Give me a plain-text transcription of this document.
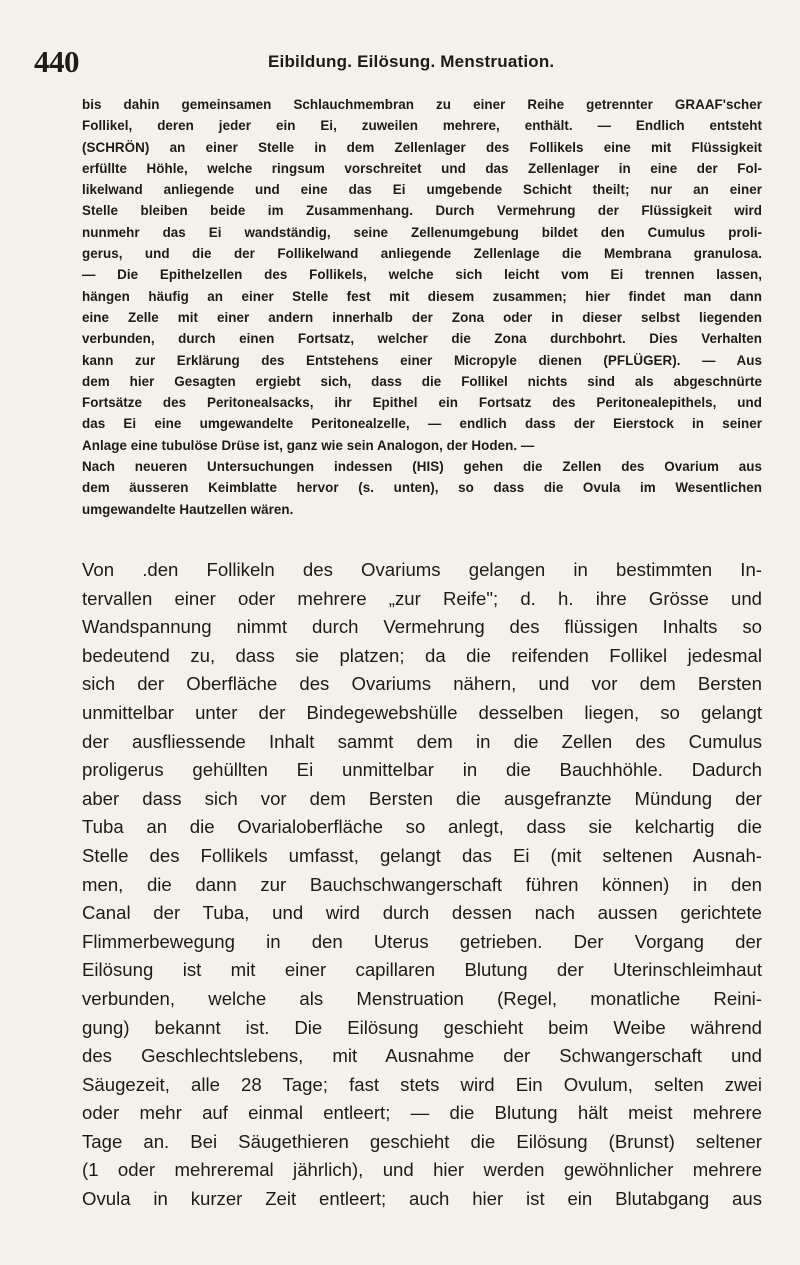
440	Eibildung. Eilösung. Menstruation.
bis dahin gemeinsamen Schlauchmembran zu einer Reihe getrennter GRAAF'scher
Follikel, deren jeder ein Ei, zuweilen mehrere, enthält. — Endlich entsteht
(SCHRÖN) an einer Stelle in dem Zellenlager des Follikels eine mit Flüssigkeit
erfüllte Höhle, welche ringsum vorschreitet und das Zellenlager in eine der Fol-
likelwand anliegende und eine das Ei umgebende Schicht theilt; nur an einer
Stelle bleiben beide im Zusammenhang. Durch Vermehrung der Flüssigkeit wird
nunmehr das Ei wandständig, seine Zellenumgebung bildet den Cumulus proli-
gerus, und die der Follikelwand anliegende Zellenlage die Membrana granulosa.
— Die Epithelzellen des Follikels, welche sich leicht vom Ei trennen lassen,
hängen häufig an einer Stelle fest mit diesem zusammen; hier findet man dann
eine Zelle mit einer andern innerhalb der Zona oder in dieser selbst liegenden
verbunden, durch einen Fortsatz, welcher die Zona durchbohrt. Dies Verhalten
kann zur Erklärung des Entstehens einer Micropyle dienen (PFLÜGER). — Aus
dem hier Gesagten ergiebt sich, dass die Follikel nichts sind als abgeschnürte
Fortsätze des Peritonealsacks, ihr Epithel ein Fortsatz des Peritonealepithels, und
das Ei eine umgewandelte Peritonealzelle, — endlich dass der Eierstock in seiner
Anlage eine tubulöse Drüse ist, ganz wie sein Analogon, der Hoden. —
Nach neueren Untersuchungen indessen (HIS) gehen die Zellen des Ovarium aus
dem äusseren Keimblatte hervor (s. unten), so dass die Ovula im Wesentlichen
umgewandelte Hautzellen wären.
Von .den Follikeln des Ovariums gelangen in bestimmten In-
tervallen einer oder mehrere „zur Reife"; d. h. ihre Grösse und
Wandspannung nimmt durch Vermehrung des flüssigen Inhalts so
bedeutend zu, dass sie platzen; da die reifenden Follikel jedesmal
sich der Oberfläche des Ovariums nähern, und vor dem Bersten
unmittelbar unter der Bindegewebshülle desselben liegen, so gelangt
der ausfliessende Inhalt sammt dem in die Zellen des Cumulus
proligerus gehüllten Ei unmittelbar in die Bauchhöhle. Dadurch
aber dass sich vor dem Bersten die ausgefranzte Mündung der
Tuba an die Ovarialoberfläche so anlegt, dass sie kelchartig die
Stelle des Follikels umfasst, gelangt das Ei (mit seltenen Ausnah-
men, die dann zur Bauchschwangerschaft führen können) in den
Canal der Tuba, und wird durch dessen nach aussen gerichtete
Flimmerbewegung in den Uterus getrieben. Der Vorgang der
Eilösung ist mit einer capillaren Blutung der Uterinschleimhaut
verbunden, welche als Menstruation (Regel, monatliche Reini-
gung) bekannt ist. Die Eilösung geschieht beim Weibe während
des Geschlechtslebens, mit Ausnahme der Schwangerschaft und
Säugezeit, alle 28 Tage; fast stets wird Ein Ovulum, selten zwei
oder mehr auf einmal entleert; — die Blutung hält meist mehrere
Tage an. Bei Säugethieren geschieht die Eilösung (Brunst) seltener
(1 oder mehreremal jährlich), und hier werden gewöhnlicher mehrere
Ovula in kurzer Zeit entleert; auch hier ist ein Blutabgang aus
